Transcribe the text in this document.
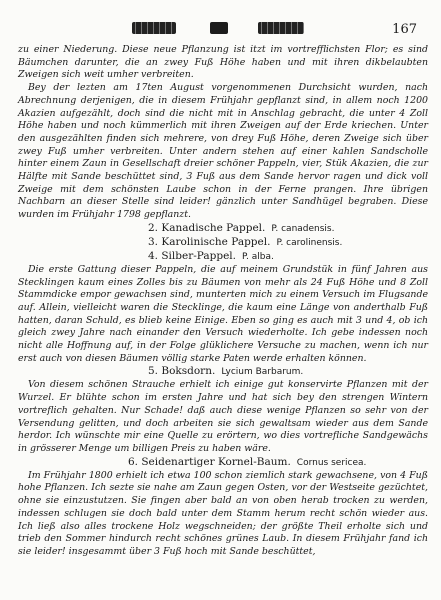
167

zu einer Niederung. Diese neue Pflanzung ist itzt im vortrefflichsten Flor; es sind Bäumchen darunter, die an zwey Fuß Höhe haben und mit ihren dikbelaubten Zweigen sich weit umher verbreiten.

Bey der lezten am 17ten August vorgenommenen Durchsicht wurden, nach Abrechnung derjenigen, die in diesem Frühjahr gepflanzt sind, in allem noch 1200 Akazien aufgezählt, doch sind die nicht mit in Anschlag gebracht, die unter 4 Zoll Höhe haben und noch kümmerlich mit ihren Zweigen auf der Erde kriechen. Unter den ausgezählten finden sich mehrere, von drey Fuß Höhe, deren Zweige sich über zwey Fuß umher verbreiten. Unter andern stehen auf einer kahlen Sandscholle hinter einem Zaun in Gesellschaft dreier schöner Pappeln, vier, Stük Akazien, die zur Hälfte mit Sande beschüttet sind, 3 Fuß aus dem Sande hervor ragen und dick voll Zweige mit dem schönsten Laube schon in der Ferne prangen. Ihre übrigen Nachbarn an dieser Stelle sind leider! gänzlich unter Sandhügel begraben. Diese wurden im Frühjahr 1798 gepflanzt.

2. Kanadische Pappel. P. canadensis.
3. Karolinische Pappel. P. carolinensis.
4. Silber-Pappel. P. alba.

Die erste Gattung dieser Pappeln, die auf meinem Grundstük in fünf Jahren aus Stecklingen kaum eines Zolles bis zu Bäumen von mehr als 24 Fuß Höhe und 8 Zoll Stammdicke empor gewachsen sind, munterten mich zu einem Versuch im Flugsande auf. Allein, vielleicht waren die Stecklinge, die kaum eine Länge von anderthalb Fuß hatten, daran Schuld, es blieb keine Einige. Eben so ging es auch mit 3 und 4, ob ich gleich zwey Jahre nach einander den Versuch wiederholte. Ich gebe indessen noch nicht alle Hoffnung auf, in der Folge glüklichere Versuche zu machen, wenn ich nur erst auch von diesen Bäumen völlig starke Paten werde erhalten können.

5. Boksdorn. Lycium Barbarum.

Von diesem schönen Strauche erhielt ich einige gut konservirte Pflanzen mit der Wurzel. Er blühte schon im ersten Jahre und hat sich bey den strengen Wintern vortreflich gehalten. Nur Schade! daß auch diese wenige Pflanzen so sehr von der Versendung gelitten, und doch arbeiten sie sich gewaltsam wieder aus dem Sande herdor. Ich wünschte mir eine Quelle zu erörtern, wo dies vortrefliche Sandgewächs in grösserer Menge um billigen Preis zu haben wäre.

6. Seidenartiger Kornel-Baum. Cornus sericea.

Im Frühjahr 1800 erhielt ich etwa 100 schon ziemlich stark gewachsene, von 4 Fuß hohe Pflanzen. Ich sezte sie nahe am Zaun gegen Osten, vor der Westseite gezüchtet, ohne sie einzustutzen. Sie fingen aber bald an von oben herab trocken zu werden, indessen schlugen sie doch bald unter dem Stamm herum recht schön wieder aus. Ich ließ also alles trockene Holz wegschneiden; der größte Theil erholte sich und trieb den Sommer hindurch recht schönes grünes Laub. In diesem Frühjahr fand ich sie leider! insgesammt über 3 Fuß hoch mit Sande beschüttet,
